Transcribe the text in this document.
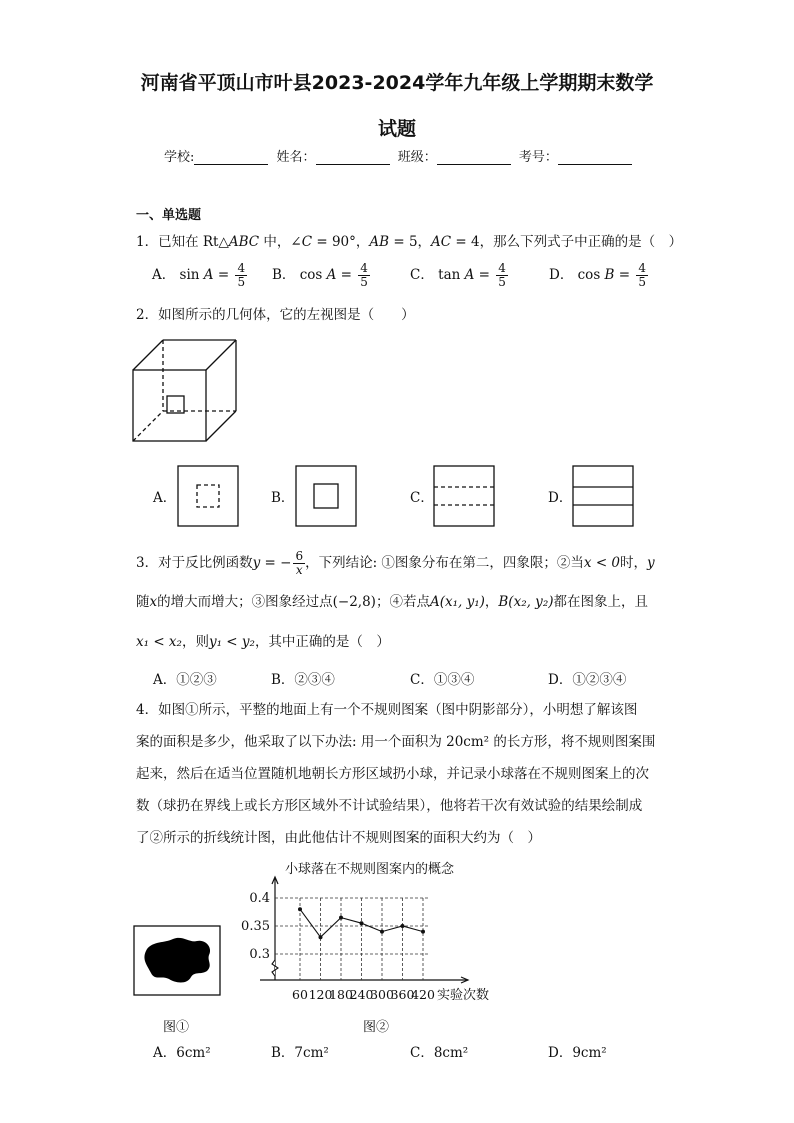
河南省平顶山市叶县2023-2024学年九年级上学期期末数学
试题
学校:	姓名：	班级：	考号：
一、单选题
1．已知在 Rt△ABC 中，∠C = 90°，AB = 5，AC = 4，那么下列式子中正确的是（　）
A． $\sin A = \frac{4}{5}$ B． $\cos A = \frac{4}{5}$	C． $\tan A = \frac{4}{5}$	D． $\cos B = \frac{4}{5}$
2．如图所示的几何体，它的左视图是（　　）
A．	B．	C．	D．
3．对于反比例函数y = − $\frac{6}{x}$ ，下列结论: ①图象分布在第二，四象限；②当x < 0时，y
随x的增大而增大；③图象经过点(−2,8)；④若点A(x₁, y₁)，B(x₂, y₂)都在图象上，且
x₁ < x₂，则y₁ < y₂，其中正确的是（　）
A．①②③	B．②③④	C．①③④	D．①②③④
4．如图①所示，平整的地面上有一个不规则图案（图中阴影部分），小明想了解该图
案的面积是多少，他采取了以下办法: 用一个面积为 20cm² 的长方形，将不规则图案围
起来，然后在适当位置随机地朝长方形区域扔小球，并记录小球落在不规则图案上的次
数（球扔在界线上或长方形区域外不计试验结果），他将若干次有效试验的结果绘制成
了②所示的折线统计图，由此他估计不规则图案的面积大约为（　）
图①
小球落在不规则图案内的概念
0.4
0.35
0.3
60 120
180
240
300
360
420 实验次数
图②
A．6cm²	B．7cm²	C．8cm²	D．9cm²
